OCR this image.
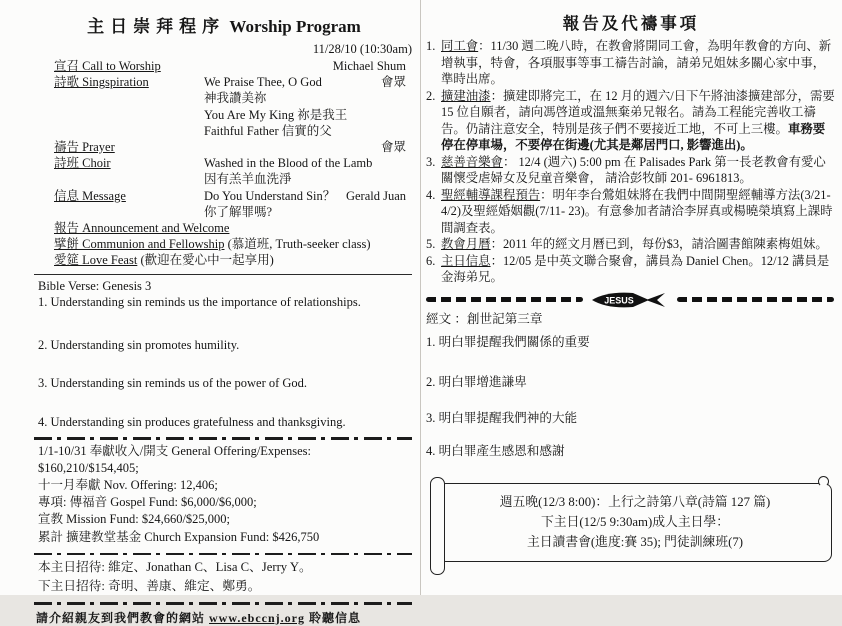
主日崇拜程序 Worship Program
11/28/10 (10:30am)
宣召 Call to Worship	Michael Shum
詩歌 Singspiration	We Praise Thee, O God
神我讚美祢
You Are My King 祢是我王
Faithful Father 信實的父
會眾
禱告 Prayer	會眾
詩班 Choir	Washed in the Blood of the Lamb
因有羔羊血洗淨
信息 Message	Do You Understand Sin？
你了解罪嗎?
Gerald Juan
報告 Announcement and Welcome
擘餅 Communion and Fellowship (慕道班, Truth-seeker class)
愛筵 Love Feast (歡迎在愛心中一起享用)
Bible Verse: Genesis 3
1. Understanding sin reminds us the importance of relationships.
2. Understanding sin promotes humility.
3. Understanding sin reminds us of the power of God.
4. Understanding sin produces gratefulness and thanksgiving.
1/1-10/31 奉獻收入/開支 General Offering/Expenses: $160,210/$154,405;
十一月奉獻 Nov. Offering: 12,406;
專項: 傳福音 Gospel Fund: $6,000/$6,000;
宣教 Mission Fund: $24,660/$25,000;
累計 擴建教堂基金 Church Expansion Fund: $426,750
本主日招待: 維定、Jonathan C、Lisa C、Jerry Y。
下主日招待: 奇明、善康、維定、鄭勇。
請介紹親友到我們教會的網站 www.ebccnj.org 聆聽信息
報告及代禱事項
1. 同工會：11/30 週二晚八時，在教會將開同工會，為明年教會的方向、新增執事，特會，各項服事等事工禱告討論，請弟兄姐妹多關心家中事，準時出席。
2. 擴建油漆：擴建即將完工，在 12 月的週六/日下午將油漆擴建部分，需要 15 位自願者，請向馮啓道或溫無棄弟兄報名。請為工程能完善收工禱告。仍請注意安全，特別是孩子們不要接近工地，不可上三樓。車務要停在停車場，不要停在街邊(尤其是鄰居門口, 影響進出)。
3. 慈善音樂會： 12/4 (週六) 5:00 pm 在 Palisades Park 第一長老教會有愛心關懷受虐婦女及兒童音樂會， 請洽彭牧師 201- 6961813。
4. 聖經輔導課程預告：明年李台鶯姐妹將在我們中間開聖經輔導方法(3/21-4/2)及聖經婚姻觀(7/11- 23)。有意參加者請洽李屏真或楊曉榮填寫上課時間調查表。
5. 教會月曆：2011 年的經文月曆已到，每份$3，請洽圖書館陳素梅姐妹。
6. 主日信息：12/05 是中英文聯合聚會，講員為 Daniel Chen。12/12 講員是金海弟兄。
JESUS
經文 ：創世記第三章
1. 明白罪提醒我們關係的重要
2. 明白罪增進謙卑
3. 明白罪提醒我們神的大能
4. 明白罪產生感恩和感謝
週五晚(12/3 8:00)：上行之詩第八章(詩篇 127 篇)
下主日(12/5 9:30am)成人主日學：
主日讀書會(進度:賽 35); 門徒訓練班(7)
